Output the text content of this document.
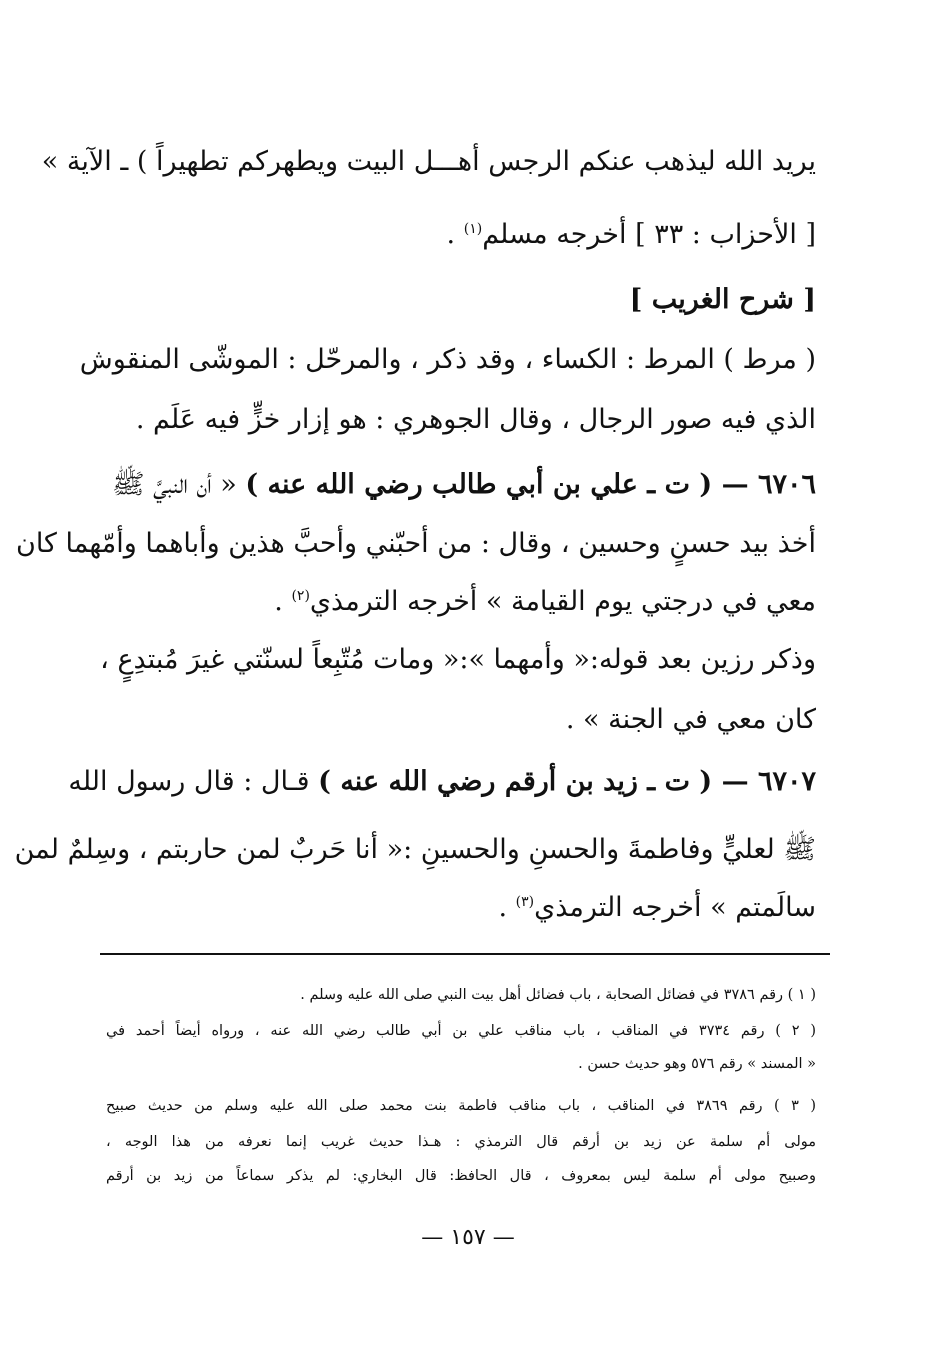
يريد الله ليذهب عنكم الرجس أهـــل البيت ويطهركم تطهيراً ) ـ الآية »
[ الأحزاب : ٣٣ ] أخرجه مسلم$^{(١)}$ .
[ شرح الغريب ]
( مرط ) المرط : الكساء ، وقد ذكر ، والمرحّل : الموشّى المنقوش
الذي فيه صور الرجال ، وقال الجوهري : هو إزار خزٍّ فيه عَلَم .
٦٧٠٦ — ( ت ـ علي بن أبي طالب رضي الله عنه ) « أن النبيَّ ﷺ
أخذ بيد حسنٍ وحسين ، وقال : من أحبّني وأحبَّ هذين وأباهما وأمّهما كان
معي في درجتي يوم القيامة » أخرجه الترمذي$^{(٢)}$ .
وذكر رزين بعد قوله:« وأمهما »:« ومات مُتّبِعاً لسنّتي غيرَ مُبتدِعٍ ،
كان معي في الجنة » .
٦٧٠٧ — ( ت ـ زيد بن أرقم رضي الله عنه ) قـال : قال رسول الله
ﷺ لعليٍّ وفاطمةَ والحسنِ والحسينِ :« أنا حَربٌ لمن حاربتم ، وسِلمٌ لمن
سالَمتم » أخرجه الترمذي$^{(٣)}$ .
( ١ ) رقم ٣٧٨٦ في فضائل الصحابة ، باب فضائل أهل بيت النبي صلى الله عليه وسلم .
( ٢ ) رقم ٣٧٣٤ في المناقب ، باب مناقب علي بن أبي طالب رضي الله عنه ، ورواه أيضاً أحمد في
« المسند » رقم ٥٧٦ وهو حديث حسن .
( ٣ ) رقم ٣٨٦٩ في المناقب ، باب مناقب فاطمة بنت محمد صلى الله عليه وسلم من حديث صبيح
مولى أم سلمة عن زيد بن أرقم قال الترمذي : هـذا حديث غريب إنما نعرفه من هذا الوجه ،
وصبيح مولى أم سلمة ليس بمعروف ، قال الحافظ: قال البخاري: لم يذكر سماعاً من زيد بن أرقم
— ١٥٧ —
